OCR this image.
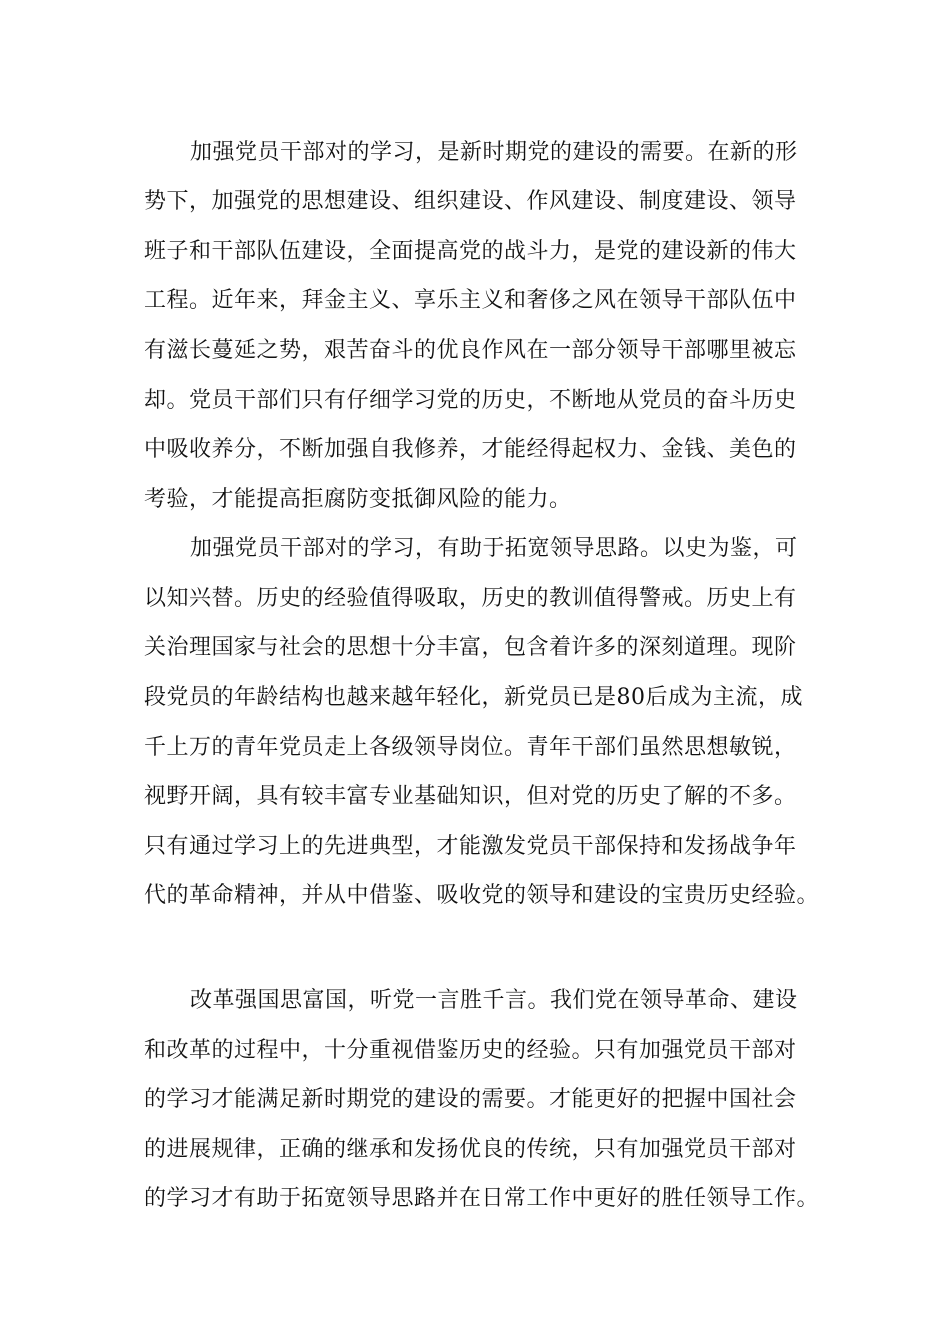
加强党员干部对的学习，是新时期党的建设的需要。在新的形
势下，加强党的思想建设、组织建设、作风建设、制度建设、领导
班子和干部队伍建设，全面提高党的战斗力，是党的建设新的伟大
工程。近年来，拜金主义、享乐主义和奢侈之风在领导干部队伍中
有滋长蔓延之势，艰苦奋斗的优良作风在一部分领导干部哪里被忘
却。党员干部们只有仔细学习党的历史，不断地从党员的奋斗历史
中吸收养分，不断加强自我修养，才能经得起权力、金钱、美色的
考验，才能提高拒腐防变抵御风险的能力。
加强党员干部对的学习，有助于拓宽领导思路。以史为鉴，可
以知兴替。历史的经验值得吸取，历史的教训值得警戒。历史上有
关治理国家与社会的思想十分丰富，包含着许多的深刻道理。现阶
段党员的年龄结构也越来越年轻化，新党员已是80后成为主流，成
千上万的青年党员走上各级领导岗位。青年干部们虽然思想敏锐，
视野开阔，具有较丰富专业基础知识，但对党的历史了解的不多。
只有通过学习上的先进典型，才能激发党员干部保持和发扬战争年
代的革命精神，并从中借鉴、吸收党的领导和建设的宝贵历史经验。
改革强国思富国，听党一言胜千言。我们党在领导革命、建设
和改革的过程中，十分重视借鉴历史的经验。只有加强党员干部对
的学习才能满足新时期党的建设的需要。才能更好的把握中国社会
的进展规律，正确的继承和发扬优良的传统，只有加强党员干部对
的学习才有助于拓宽领导思路并在日常工作中更好的胜任领导工作。
